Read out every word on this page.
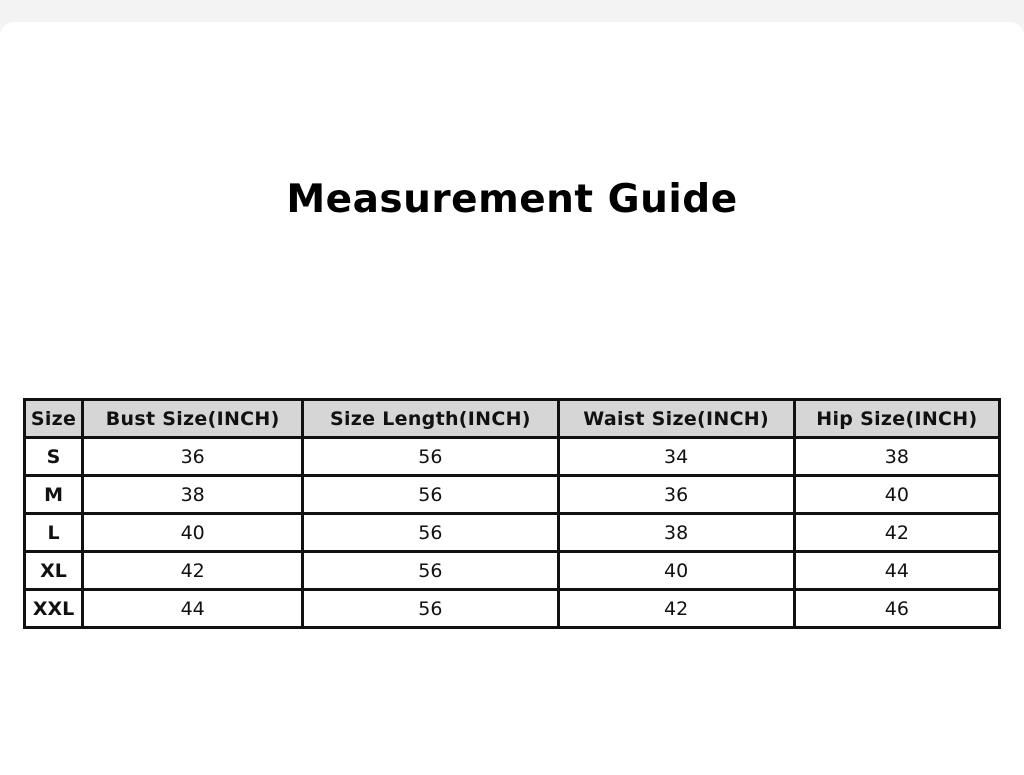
Measurement Guide
Size	Bust Size(INCH)	Size Length(INCH)	Waist Size(INCH)	Hip Size(INCH)
S	36	56	34	38
M	38	56	36	40
L	40	56	38	42
XL	42	56	40	44
XXL	44	56	42	46
